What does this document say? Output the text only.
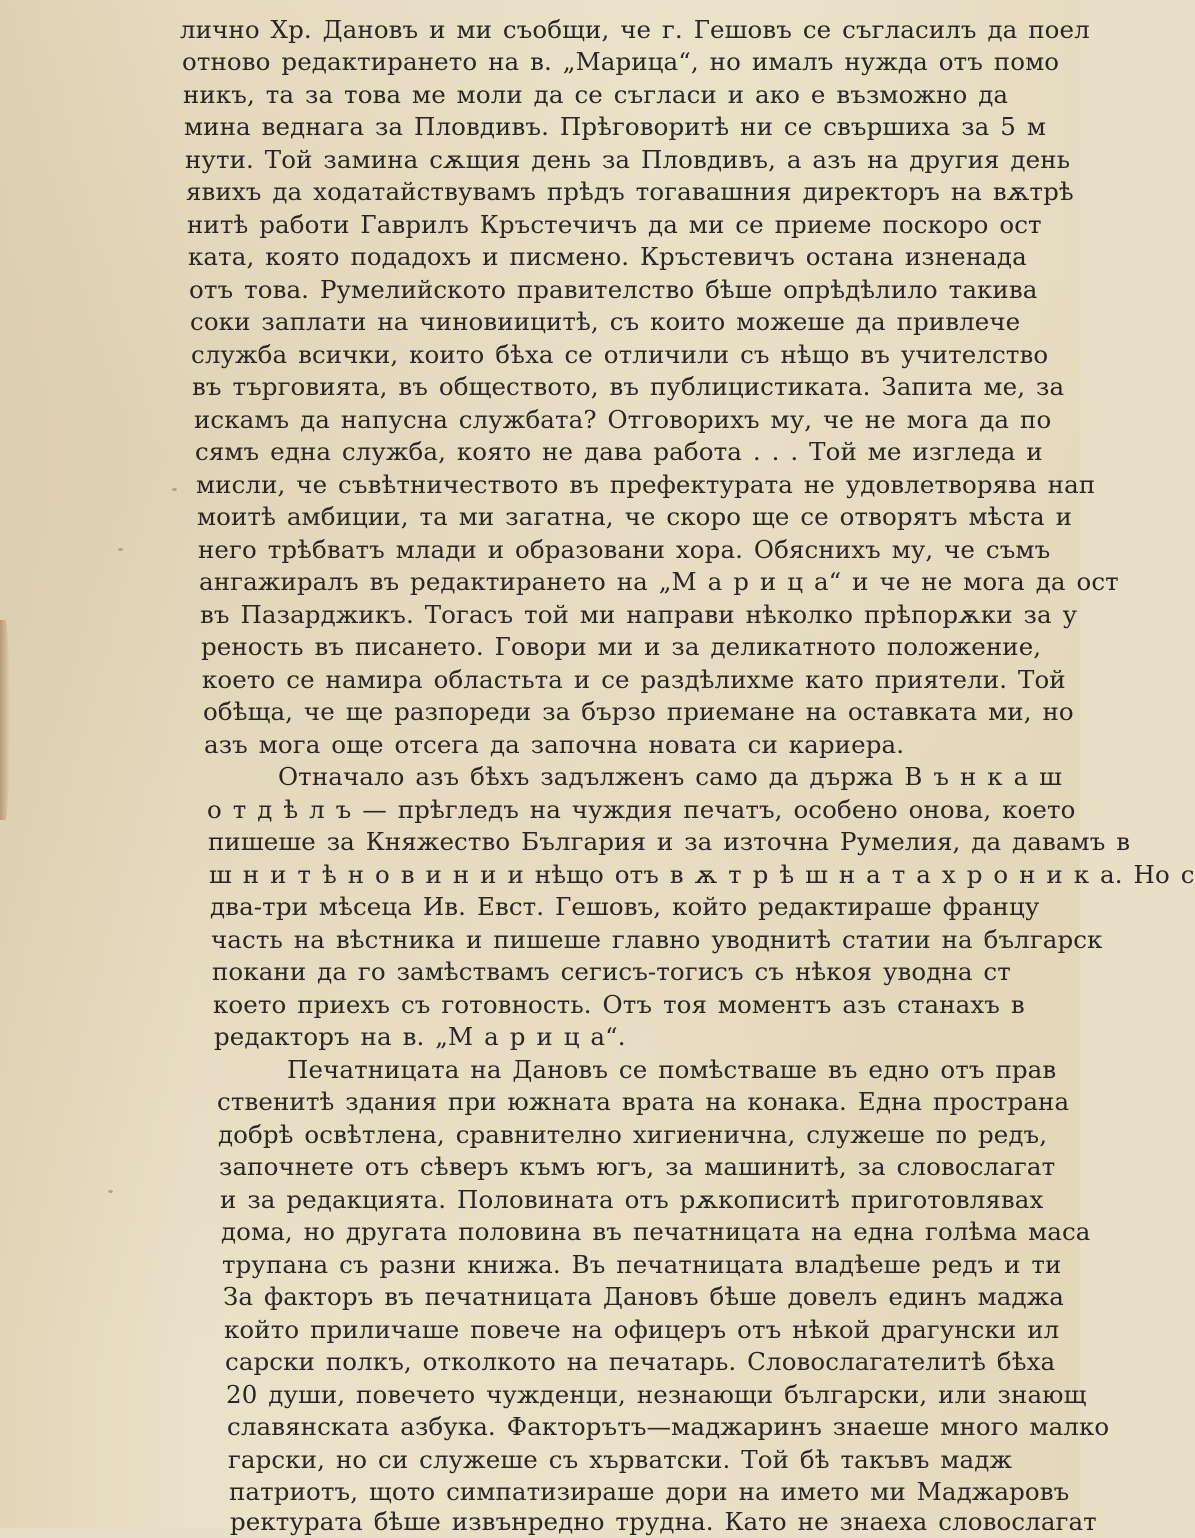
лично Хр. Дановъ и ми съобщи, че г. Гешовъ се съгласилъ да поел
отново редактирането на в. „Марица“, но ималъ нужда отъ помо
никъ, та за това ме моли да се съгласи и ако е възможно да
мина веднага за Пловдивъ. Прѣговоритѣ ни се свършиха за 5 м
нути. Той замина сѫщия день за Пловдивъ, а азъ на другия день
явихъ да ходатайствувамъ прѣдъ тогавашния директоръ на вѫтрѣ
нитѣ работи Гаврилъ Кръстечичъ да ми се приеме поскоро ост
ката, която подадохъ и писмено. Кръстевичъ остана изненада
отъ това. Румелийското правителство бѣше опрѣдѣлило такива
соки заплати на чиновиицитѣ, съ които можеше да привлече
служба всички, които бѣха се отличили съ нѣщо въ учителство
въ търговията, въ обществото, въ публицистиката. Запита ме, за
искамъ да напусна службата? Отговорихъ му, че не мога да по
сямъ една служба, която не дава работа . . . Той ме изгледа и
мисли, че съвѣтничеството въ префектурата не удовлетворява нап
моитѣ амбиции, та ми загатна, че скоро ще се отворятъ мѣста и
него трѣбватъ млади и образовани хора. Обяснихъ му, че съмъ
ангажиралъ въ редактирането на „М а р и ц а“ и че не мога да ост
въ Пазарджикъ. Тогасъ той ми направи нѣколко прѣпорѫки за у
реность въ писането. Говори ми и за деликатното положение,
което се намира областьта и се раздѣлихме като приятели. Той
обѣща, че ще разпореди за бързо приемане на оставката ми, но
азъ мога още отсега да започна новата си кариера.
Отначало азъ бѣхъ задълженъ само да държа В ъ н к а ш
о т д ѣ л ъ — прѣгледъ на чуждия печатъ, особено онова, което
пишеше за Княжество България и за източна Румелия, да давамъ в
ш н и т ѣ н о в и н и и нѣщо отъ в ѫ т р ѣ ш н а т а х р о н и к а. Но с
два-три мѣсеца Ив. Евст. Гешовъ, който редактираше францу
часть на вѣстника и пишеше главно уводнитѣ статии на българск
покани да го замѣствамъ сегисъ-тогисъ съ нѣкоя уводна ст
което приехъ съ готовность. Отъ тоя моментъ азъ станахъ в
редакторъ на в. „М а р и ц а“.
Печатницата на Дановъ се помѣстваше въ едно отъ прав
ственитѣ здания при южната врата на конака. Една пространа
добрѣ освѣтлена, сравнително хигиенична, служеше по редъ,
започнете отъ сѣверъ къмъ югъ, за машинитѣ, за словослагат
и за редакцията. Половината отъ рѫкописитѣ приготовлявах
дома, но другата половина въ печатницата на една голѣма маса
трупана съ разни книжа. Въ печатницата владѣеше редъ и ти
За факторъ въ печатницата Дановъ бѣше довелъ единъ маджа
който приличаше повече на офицеръ отъ нѣкой драгунски ил
сарски полкъ, отколкото на печатарь. Словослагателитѣ бѣха
20 души, повечето чужденци, незнающи български, или знающ
славянската азбука. Факторътъ—маджаринъ знаеше много малко
гарски, но си служеше съ хърватски. Той бѣ такъвъ мадж
патриотъ, щото симпатизираше дори на името ми Маджаровъ
ректурата бѣше извънредно трудна. Като не знаеха словослагат
